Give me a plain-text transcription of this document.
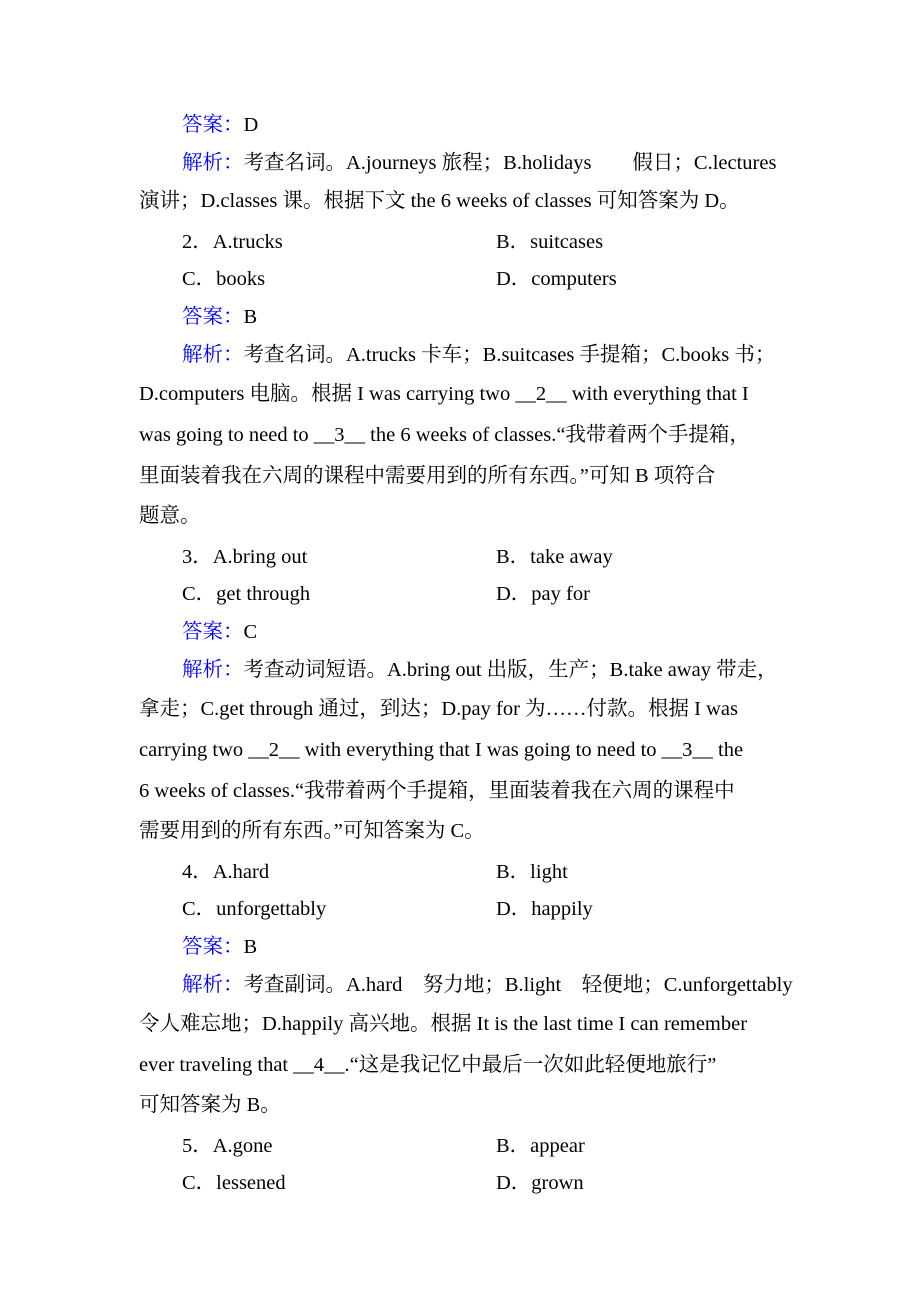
答案：D
解析：考查名词。A.journeys 旅程；B.holidays　　假日；C.lectures
演讲；D.classes 课。根据下文 the 6 weeks of classes 可知答案为 D。
2．A.trucks	B．suitcases
C．books	D．computers
答案：B
解析：考查名词。A.trucks 卡车；B.suitcases 手提箱；C.books 书；
D.computers 电脑。根据 I was carrying two __2__ with everything that I
was going to need to __3__ the 6 weeks of classes.“我带着两个手提箱，
里面装着我在六周的课程中需要用到的所有东西。”可知 B 项符合
题意。
3．A.bring out	B．take away
C．get through	D．pay for
答案：C
解析：考查动词短语。A.bring out 出版，生产；B.take away 带走，
拿走；C.get through 通过，到达；D.pay for 为……付款。根据 I was
carrying two __2__ with everything that I was going to need to __3__ the
6 weeks of classes.“我带着两个手提箱，里面装着我在六周的课程中
需要用到的所有东西。”可知答案为 C。
4．A.hard	B．light
C．unforgettably	D．happily
答案：B
解析：考查副词。A.hard　努力地；B.light　轻便地；C.unforgettably
令人难忘地；D.happily 高兴地。根据 It is the last time I can remember
ever traveling that __4__.“这是我记忆中最后一次如此轻便地旅行”
可知答案为 B。
5．A.gone	B．appear
C．lessened	D．grown
